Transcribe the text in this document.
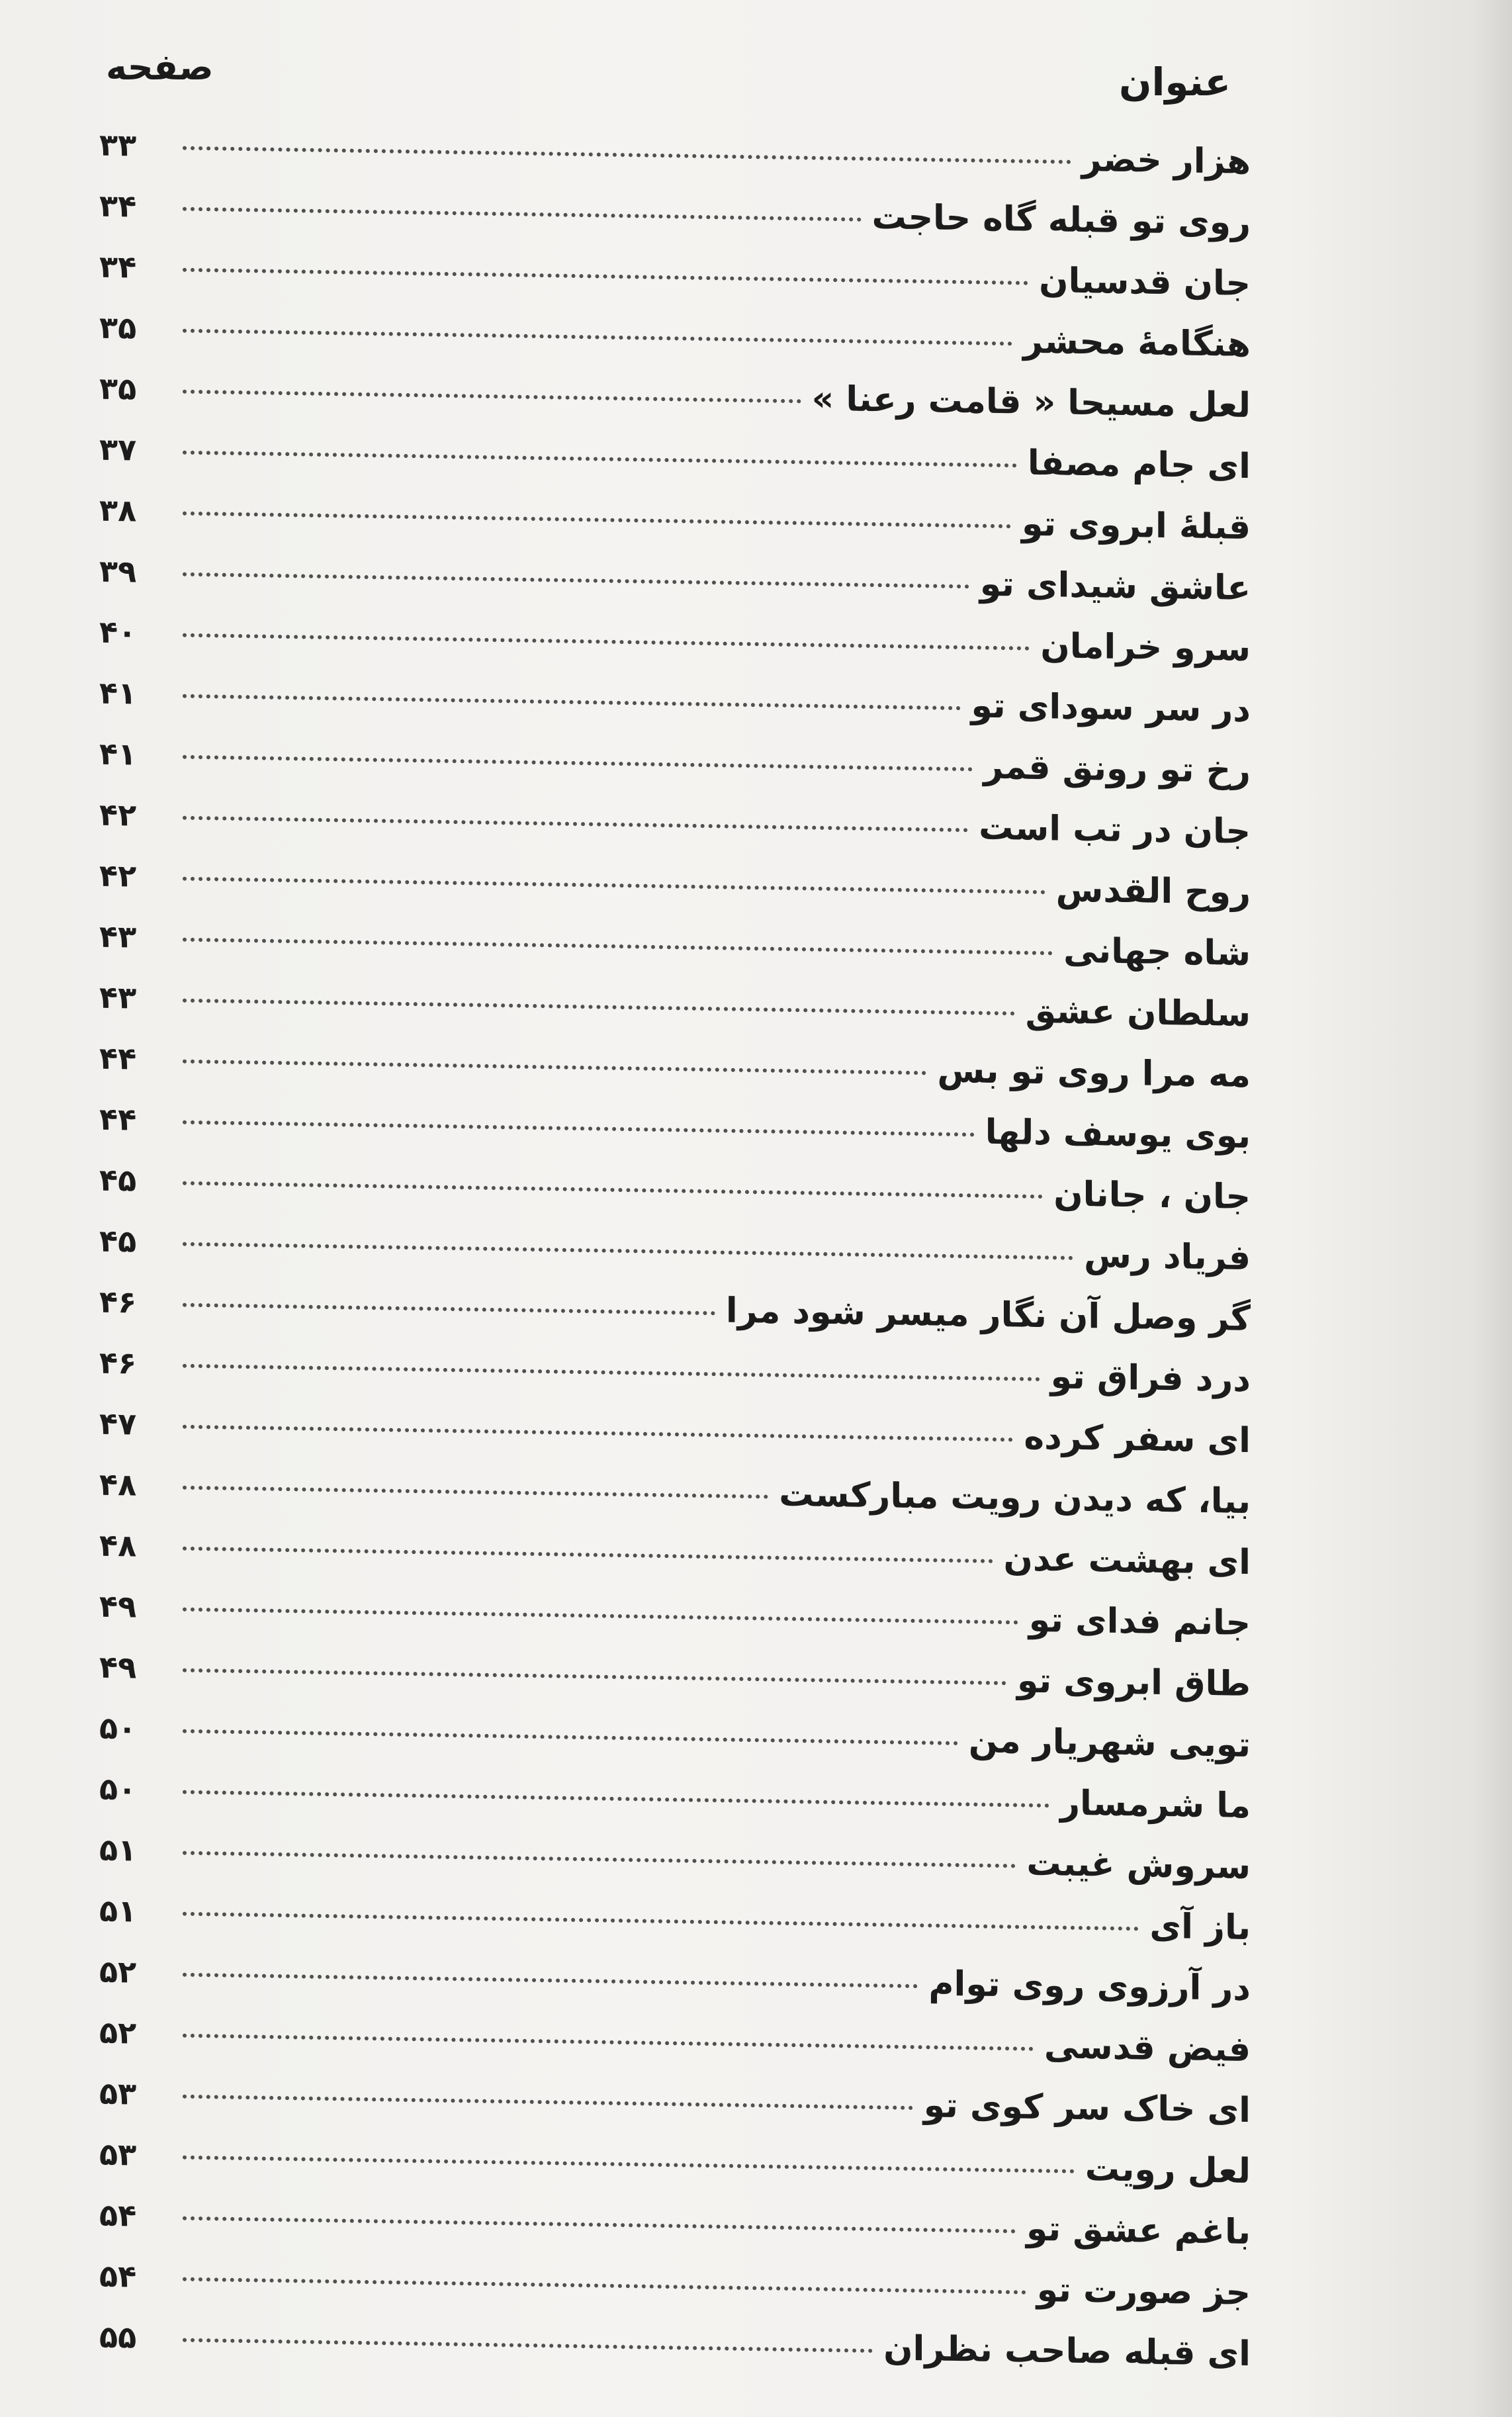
عنوان
صفحه
هزار خضر
۳۳
روی تو قبله گاه حاجت
۳۴
جان قدسیان
۳۴
هنگامهٔ محشر
۳۵
لعل مسیحا « قامت رعنا »
۳۵
ای جام مصفا
۳۷
قبلهٔ ابروی تو
۳۸
عاشق شیدای تو
۳۹
سرو خرامان
۴۰
در سر سودای تو
۴۱
رخ تو رونق قمر
۴۱
جان در تب است
۴۲
روح القدس
۴۲
شاه جهانی
۴۳
سلطان عشق
۴۳
مه مرا روی تو بس
۴۴
بوی یوسف دلها
۴۴
جان ، جانان
۴۵
فریاد رس
۴۵
گر وصل آن نگار میسر شود مرا
۴۶
درد فراق تو
۴۶
ای سفر کرده
۴۷
بیا، که دیدن رویت مبارکست
۴۸
ای بهشت عدن
۴۸
جانم فدای تو
۴۹
طاق ابروی تو
۴۹
تویی شهریار من
۵۰
ما شرمسار
۵۰
سروش غیبت
۵۱
باز آی
۵۱
در آرزوی روی توام
۵۲
فیض قدسی
۵۲
ای خاک سر کوی تو
۵۳
لعل رویت
۵۳
باغم عشق تو
۵۴
جز صورت تو
۵۴
ای قبله صاحب نظران
۵۵
